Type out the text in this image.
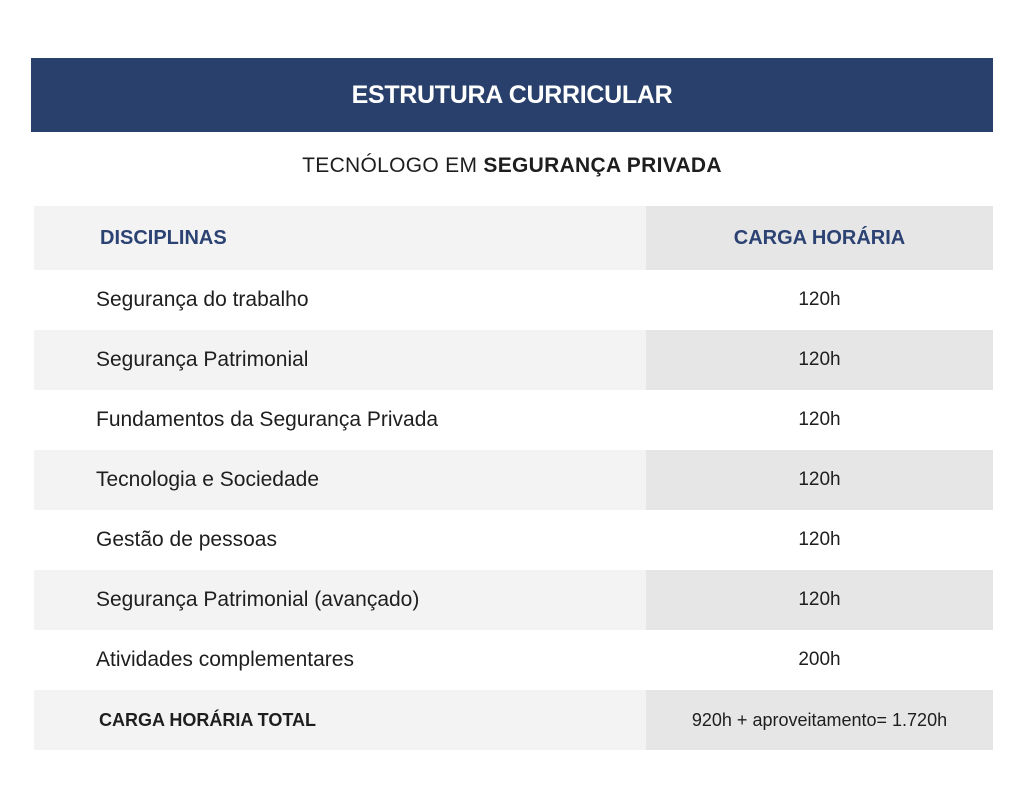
ESTRUTURA CURRICULAR
TECNÓLOGO EM SEGURANÇA PRIVADA
DISCIPLINAS	CARGA HORÁRIA
Segurança do trabalho	120h
Segurança Patrimonial	120h
Fundamentos da Segurança Privada	120h
Tecnologia e Sociedade	120h
Gestão de pessoas	120h
Segurança Patrimonial (avançado)	120h
Atividades complementares	200h
CARGA HORÁRIA TOTAL	920h + aproveitamento= 1.720h
